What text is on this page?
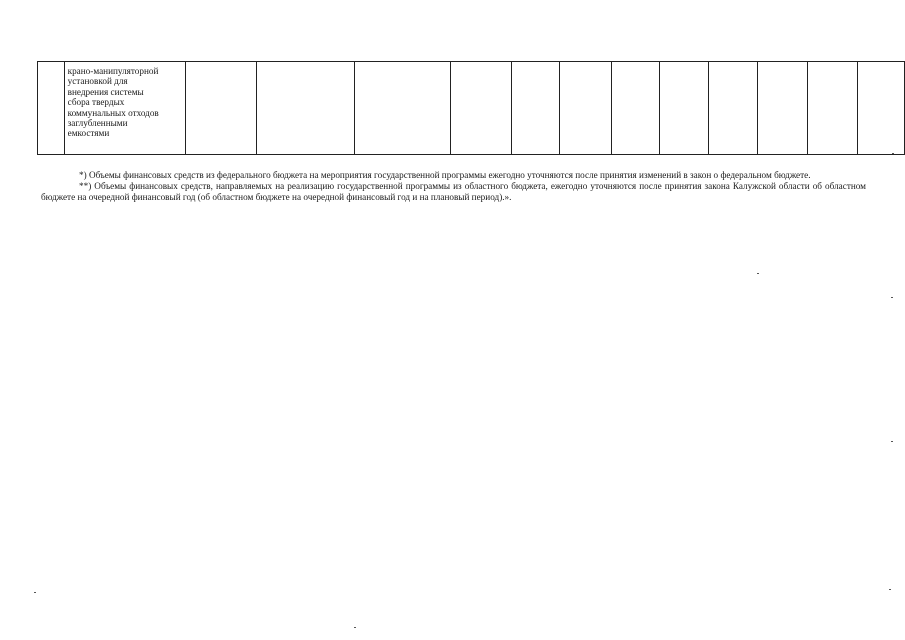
крано-манипуляторной
установкой для
внедрения системы
сбора твердых
коммунальных отходов
заглубленными
емкостями

*) Объемы финансовых средств из федерального бюджета на мероприятия государственной программы ежегодно уточняются после принятия изменений в закон о федеральном бюджете.

**) Объемы финансовых средств, направляемых на реализацию государственной программы из областного бюджета, ежегодно уточняются после принятия закона Калужской области об областном бюджете на очередной финансовый год (об областном бюджете на очередной финансовый год и на плановый период).».
